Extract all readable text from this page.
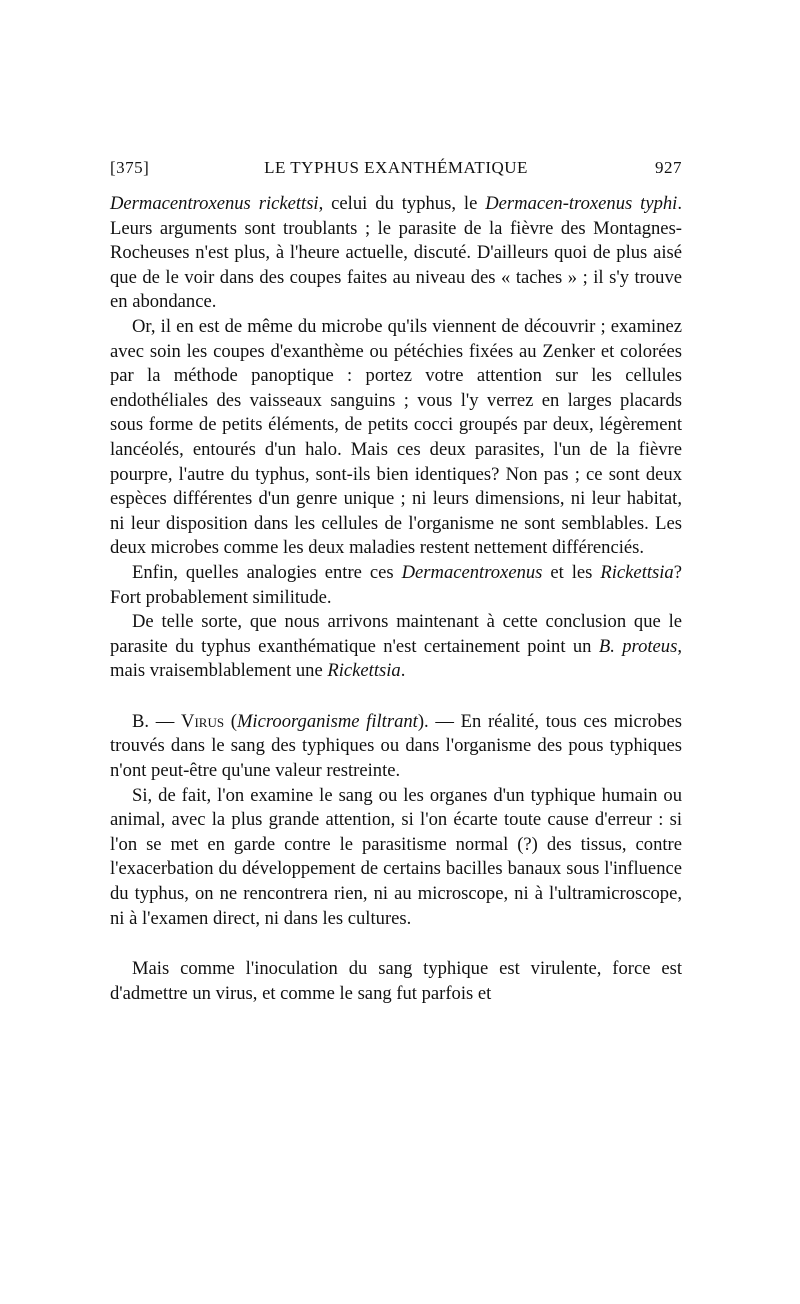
[375]	LE TYPHUS EXANTHÉMATIQUE	927

Dermacentroxenus rickettsi, celui du typhus, le Dermacen-troxenus typhi. Leurs arguments sont troublants ; le parasite de la fièvre des Montagnes-Rocheuses n'est plus, à l'heure actuelle, discuté. D'ailleurs quoi de plus aisé que de le voir dans des coupes faites au niveau des « taches » ; il s'y trouve en abondance.

Or, il en est de même du microbe qu'ils viennent de découvrir ; examinez avec soin les coupes d'exanthème ou pétéchies fixées au Zenker et colorées par la méthode panoptique : portez votre attention sur les cellules endothéliales des vaisseaux sanguins ; vous l'y verrez en larges placards sous forme de petits éléments, de petits cocci groupés par deux, légèrement lancéolés, entourés d'un halo. Mais ces deux parasites, l'un de la fièvre pourpre, l'autre du typhus, sont-ils bien identiques? Non pas ; ce sont deux espèces différentes d'un genre unique ; ni leurs dimensions, ni leur habitat, ni leur disposition dans les cellules de l'organisme ne sont semblables. Les deux microbes comme les deux maladies restent nettement différenciés.

Enfin, quelles analogies entre ces Dermacentroxenus et les Rickettsia? Fort probablement similitude.

De telle sorte, que nous arrivons maintenant à cette conclusion que le parasite du typhus exanthématique n'est certainement point un B. proteus, mais vraisemblablement une Rickettsia.

B. — Virus (Microorganisme filtrant). — En réalité, tous ces microbes trouvés dans le sang des typhiques ou dans l'organisme des pous typhiques n'ont peut-être qu'une valeur restreinte.

Si, de fait, l'on examine le sang ou les organes d'un typhique humain ou animal, avec la plus grande attention, si l'on écarte toute cause d'erreur : si l'on se met en garde contre le parasitisme normal (?) des tissus, contre l'exacerbation du développement de certains bacilles banaux sous l'influence du typhus, on ne rencontrera rien, ni au microscope, ni à l'ultramicroscope, ni à l'examen direct, ni dans les cultures.

Mais comme l'inoculation du sang typhique est virulente, force est d'admettre un virus, et comme le sang fut parfois et
